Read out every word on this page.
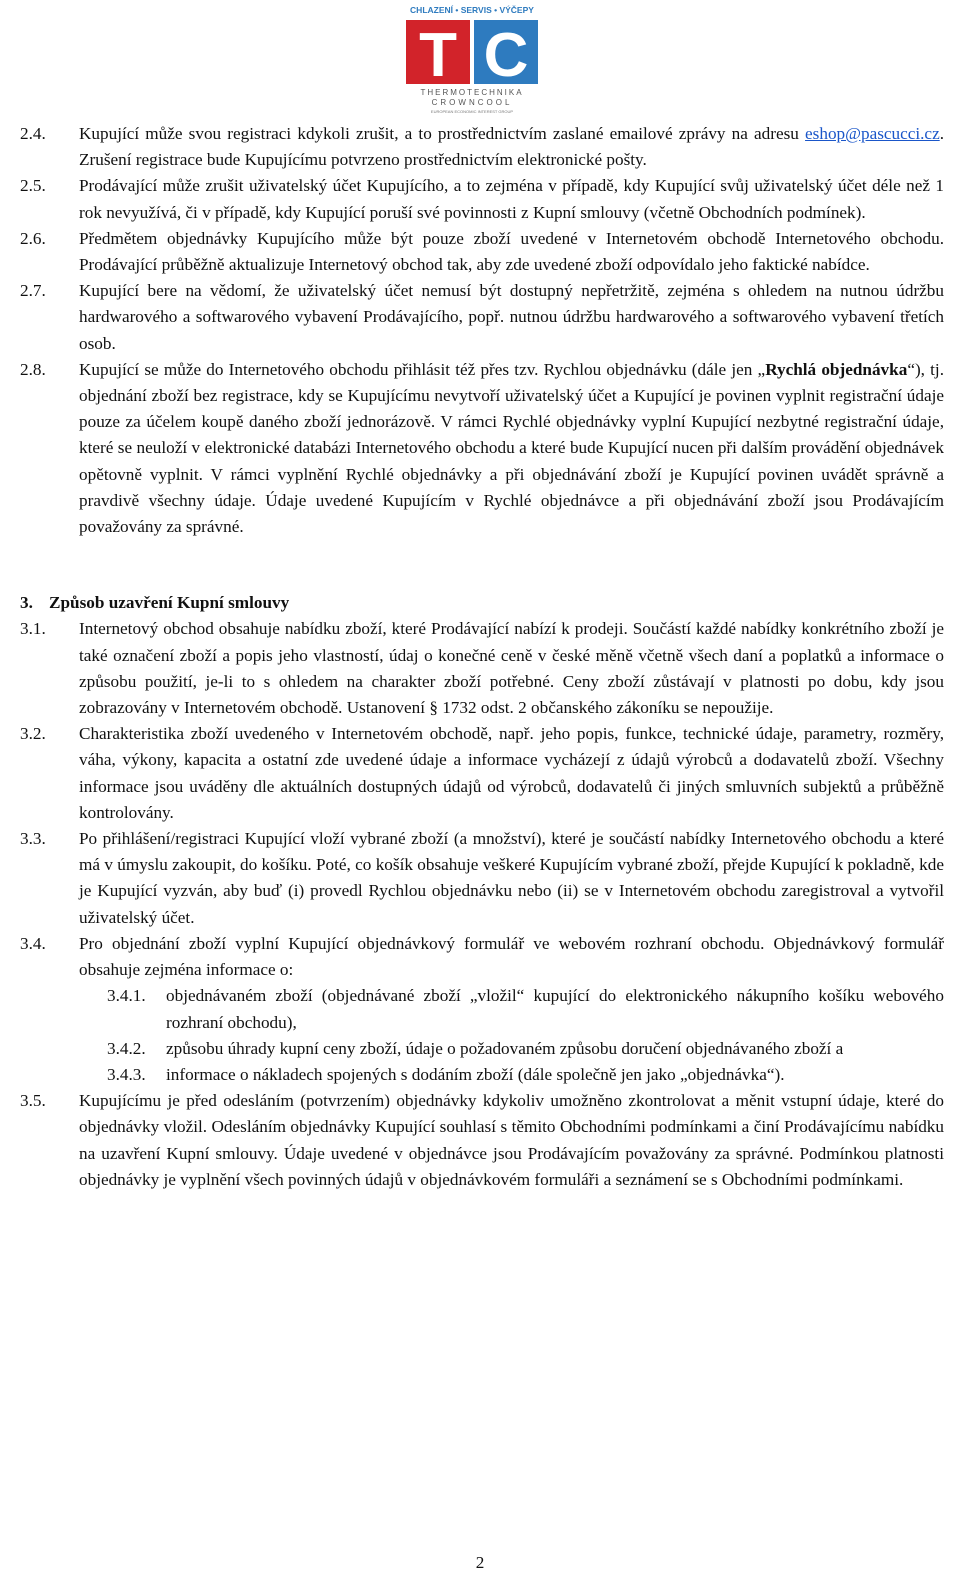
CHLAZENÍ • SERVIS • VÝČEPY
T C
THERMOTECHNIKA
CROWNCOOL
EUROPEAN ECONOMIC INTEREST GROUP
2.4. Kupující může svou registraci kdykoli zrušit, a to prostřednictvím zaslané emailové zprávy na adresu eshop@pascucci.cz. Zrušení registrace bude Kupujícímu potvrzeno prostřednictvím elektronické pošty.
2.5. Prodávající může zrušit uživatelský účet Kupujícího, a to zejména v případě, kdy Kupující svůj uživatelský účet déle než 1 rok nevyužívá, či v případě, kdy Kupující poruší své povinnosti z Kupní smlouvy (včetně Obchodních podmínek).
2.6. Předmětem objednávky Kupujícího může být pouze zboží uvedené v Internetovém obchodě Internetového obchodu. Prodávající průběžně aktualizuje Internetový obchod tak, aby zde uvedené zboží odpovídalo jeho faktické nabídce.
2.7. Kupující bere na vědomí, že uživatelský účet nemusí být dostupný nepřetržitě, zejména s ohledem na nutnou údržbu hardwarového a softwarového vybavení Prodávajícího, popř. nutnou údržbu hardwarového a softwarového vybavení třetích osob.
2.8. Kupující se může do Internetového obchodu přihlásit též přes tzv. Rychlou objednávku (dále jen „Rychlá objednávka“), tj. objednání zboží bez registrace, kdy se Kupujícímu nevytvoří uživatelský účet a Kupující je povinen vyplnit registrační údaje pouze za účelem koupě daného zboží jednorázově. V rámci Rychlé objednávky vyplní Kupující nezbytné registrační údaje, které se neuloží v elektronické databázi Internetového obchodu a které bude Kupující nucen při dalším provádění objednávek opětovně vyplnit. V rámci vyplnění Rychlé objednávky a při objednávání zboží je Kupující povinen uvádět správně a pravdivě všechny údaje. Údaje uvedené Kupujícím v Rychlé objednávce a při objednávání zboží jsou Prodávajícím považovány za správné.
3. Způsob uzavření Kupní smlouvy
3.1. Internetový obchod obsahuje nabídku zboží, které Prodávající nabízí k prodeji. Součástí každé nabídky konkrétního zboží je také označení zboží a popis jeho vlastností, údaj o konečné ceně v české měně včetně všech daní a poplatků a informace o způsobu použití, je-li to s ohledem na charakter zboží potřebné. Ceny zboží zůstávají v platnosti po dobu, kdy jsou zobrazovány v Internetovém obchodě. Ustanovení § 1732 odst. 2 občanského zákoníku se nepoužije.
3.2. Charakteristika zboží uvedeného v Internetovém obchodě, např. jeho popis, funkce, technické údaje, parametry, rozměry, váha, výkony, kapacita a ostatní zde uvedené údaje a informace vycházejí z údajů výrobců a dodavatelů zboží. Všechny informace jsou uváděny dle aktuálních dostupných údajů od výrobců, dodavatelů či jiných smluvních subjektů a průběžně kontrolovány.
3.3. Po přihlášení/registraci Kupující vloží vybrané zboží (a množství), které je součástí nabídky Internetového obchodu a které má v úmyslu zakoupit, do košíku. Poté, co košík obsahuje veškeré Kupujícím vybrané zboží, přejde Kupující k pokladně, kde je Kupující vyzván, aby buď (i) provedl Rychlou objednávku nebo (ii) se v Internetovém obchodu zaregistroval a vytvořil uživatelský účet.
3.4. Pro objednání zboží vyplní Kupující objednávkový formulář ve webovém rozhraní obchodu. Objednávkový formulář obsahuje zejména informace o:
3.4.1. objednávaném zboží (objednávané zboží „vložil“ kupující do elektronického nákupního košíku webového rozhraní obchodu),
3.4.2. způsobu úhrady kupní ceny zboží, údaje o požadovaném způsobu doručení objednávaného zboží a
3.4.3. informace o nákladech spojených s dodáním zboží (dále společně jen jako „objednávka“).
3.5. Kupujícímu je před odesláním (potvrzením) objednávky kdykoliv umožněno zkontrolovat a měnit vstupní údaje, které do objednávky vložil. Odesláním objednávky Kupující souhlasí s těmito Obchodními podmínkami a činí Prodávajícímu nabídku na uzavření Kupní smlouvy. Údaje uvedené v objednávce jsou Prodávajícím považovány za správné. Podmínkou platnosti objednávky je vyplnění všech povinných údajů v objednávkovém formuláři a seznámení se s Obchodními podmínkami.
2
